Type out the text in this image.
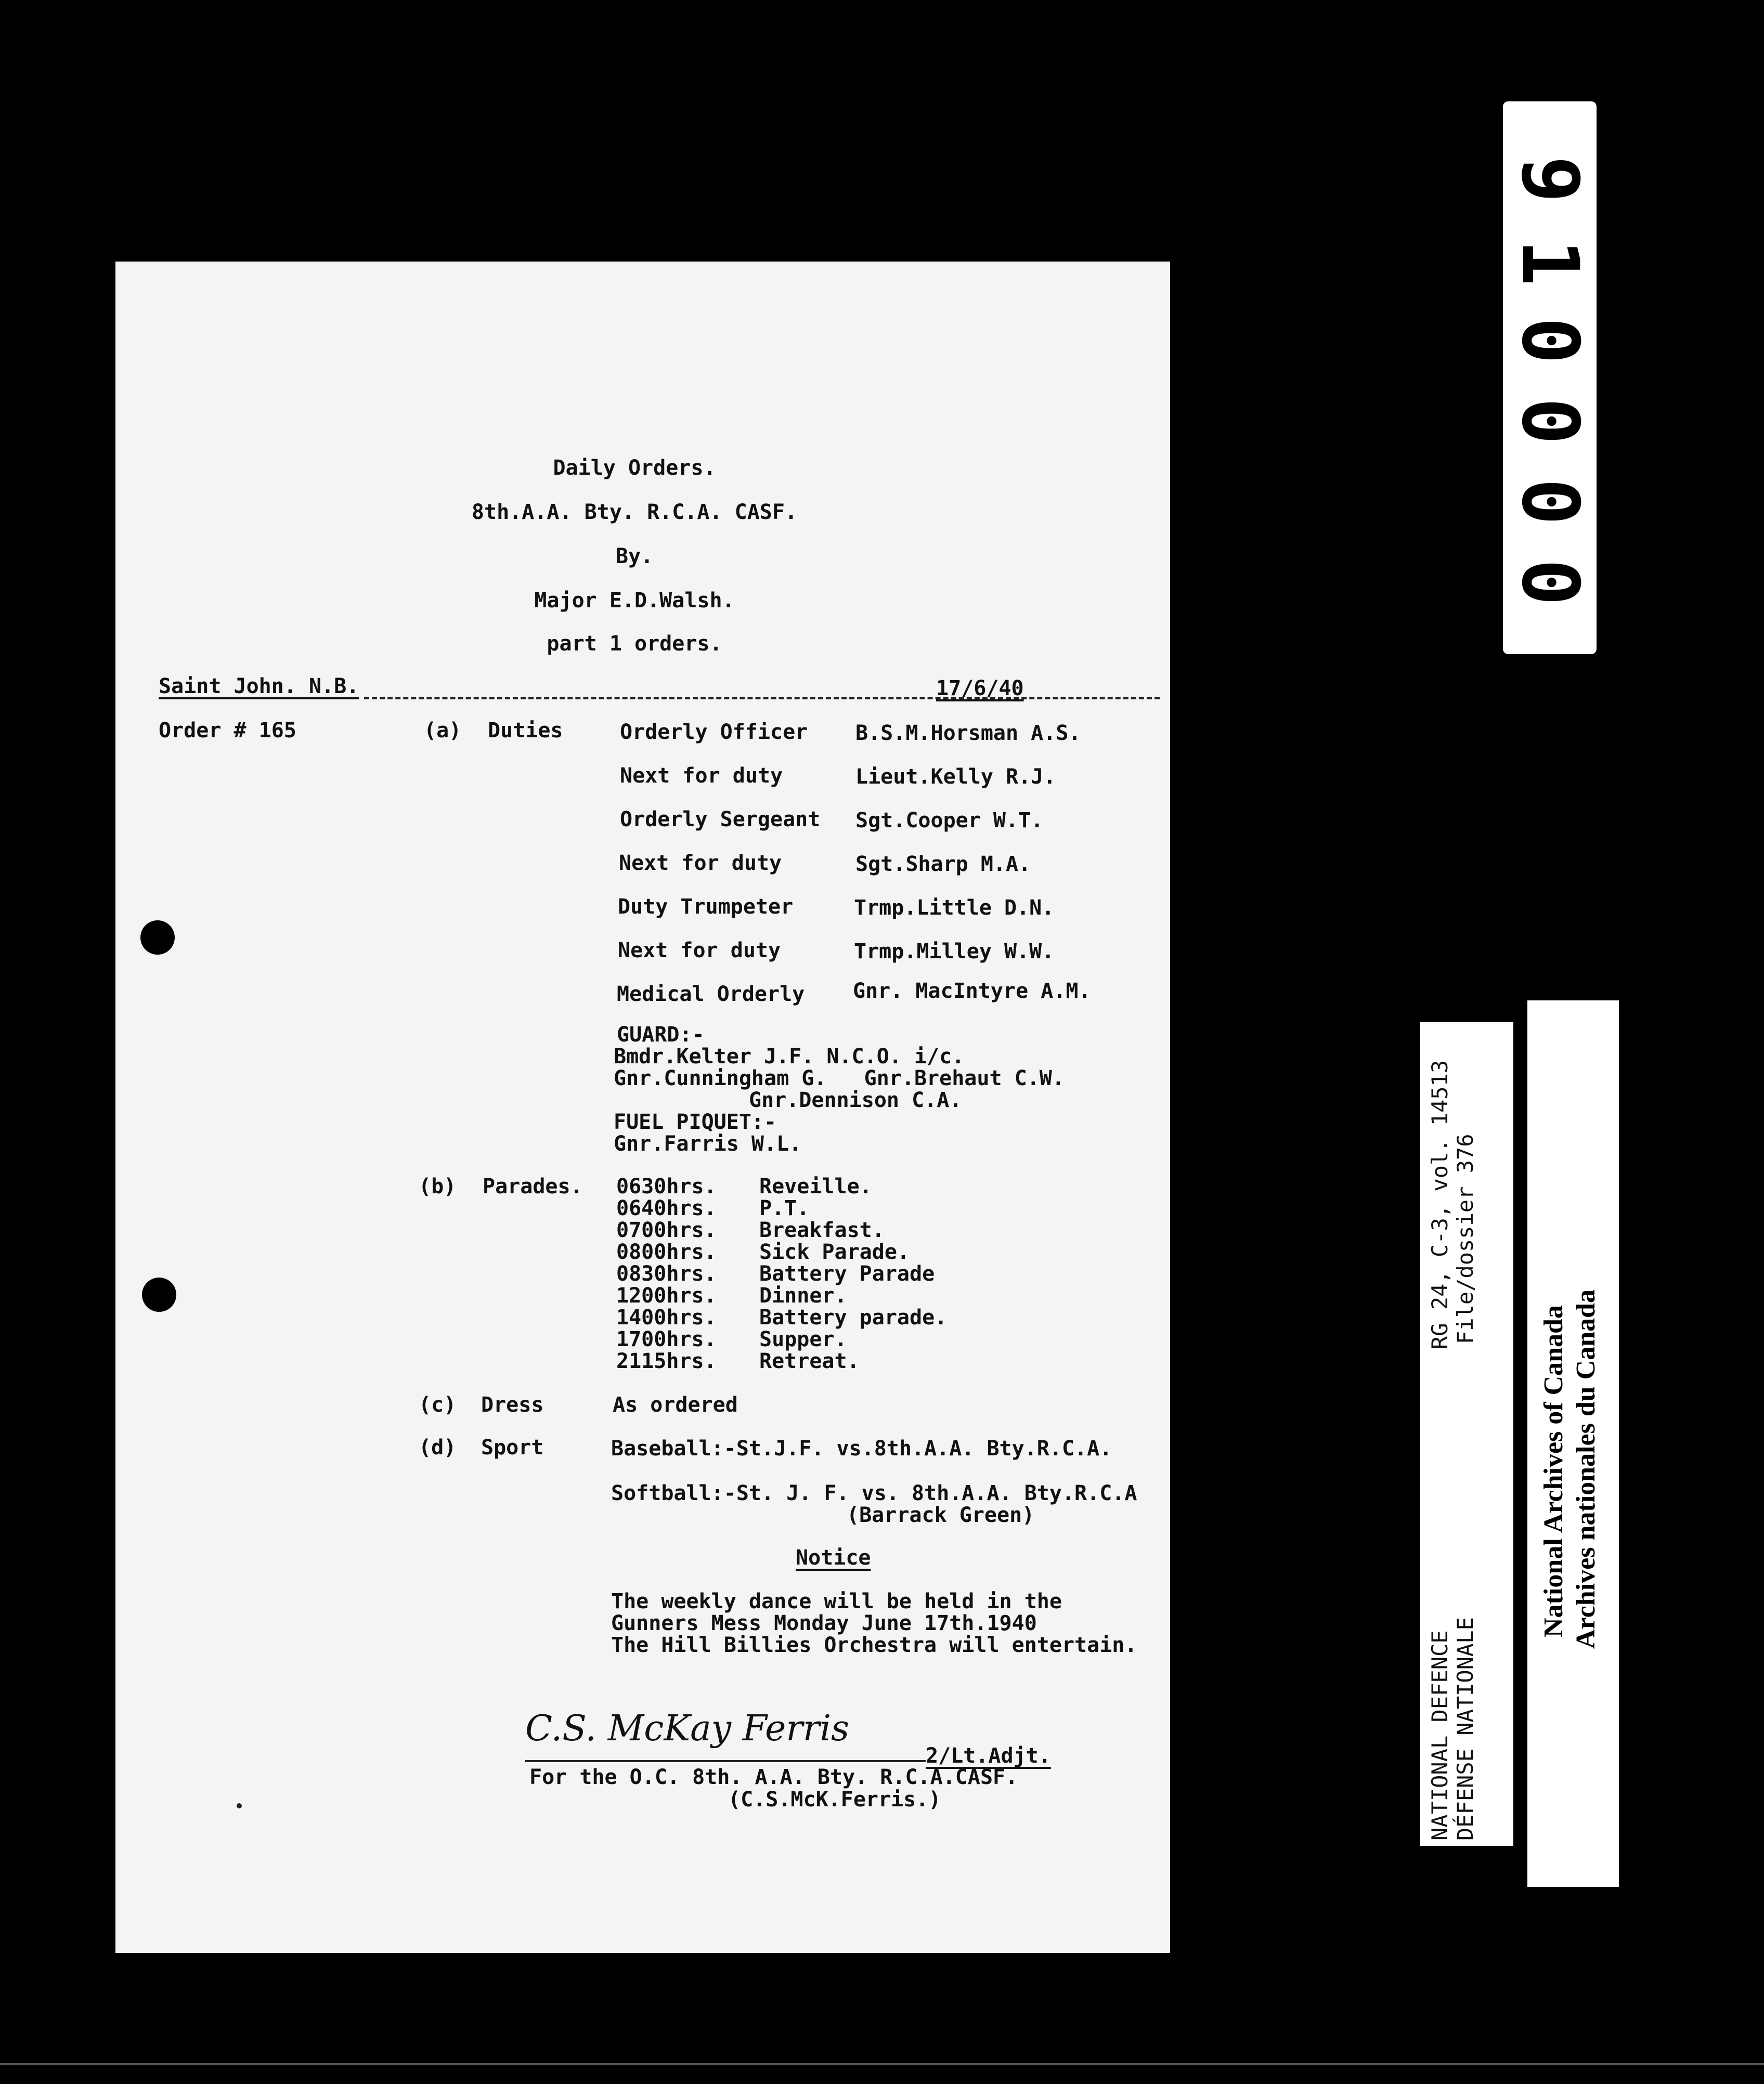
Daily Orders.
8th.A.A. Bty. R.C.A. CASF.
By.
Major E.D.Walsh.
part 1 orders.
Saint John. N.B.	17/6/40
Order # 165	(a) Duties	Orderly Officer B.S.M.Horsman A.S.
Next for duty	Lieut.Kelly R.J.
Orderly Sergeant Sgt.Cooper W.T.
Next for duty	Sgt.Sharp M.A.
Duty Trumpeter	Trmp.Little D.N.
Next for duty	Trmp.Milley W.W.
Medical Orderly Gnr. MacIntyre A.M.
GUARD:-
Bmdr.Kelter J.F. N.C.O. i/c.
Gnr.Cunningham G.   Gnr.Brehaut C.W.
Gnr.Dennison C.A.
FUEL PIQUET:-
Gnr.Farris W.L.
(b) Parades. 0630hrs. Reveille.
0640hrs. P.T.
0700hrs. Breakfast.
0800hrs. Sick Parade.
0830hrs. Battery Parade
1200hrs. Dinner.
1400hrs. Battery parade.
1700hrs. Supper.
2115hrs. Retreat.
(c) Dress	As ordered
(d) Sport	Baseball:-St.J.F. vs.8th.A.A. Bty.R.C.A.
Softball:-St. J. F. vs. 8th.A.A. Bty.R.C.A
(Barrack Green)
Notice
The weekly dance will be held in the
Gunners Mess Monday June 17th.1940
The Hill Billies Orchestra will entertain.
C.S. McKay Ferris
2/Lt.Adjt.
For the O.C. 8th. A.A. Bty. R.C.A.CASF.
(C.S.McK.Ferris.)
9
1
0
0
0
0
RG 24, C-3, vol. 14513 File/dossier 376
NATIONAL DEFENCE DÉFENSE NATIONALE
National Archives of Canada Archives nationales du Canada
